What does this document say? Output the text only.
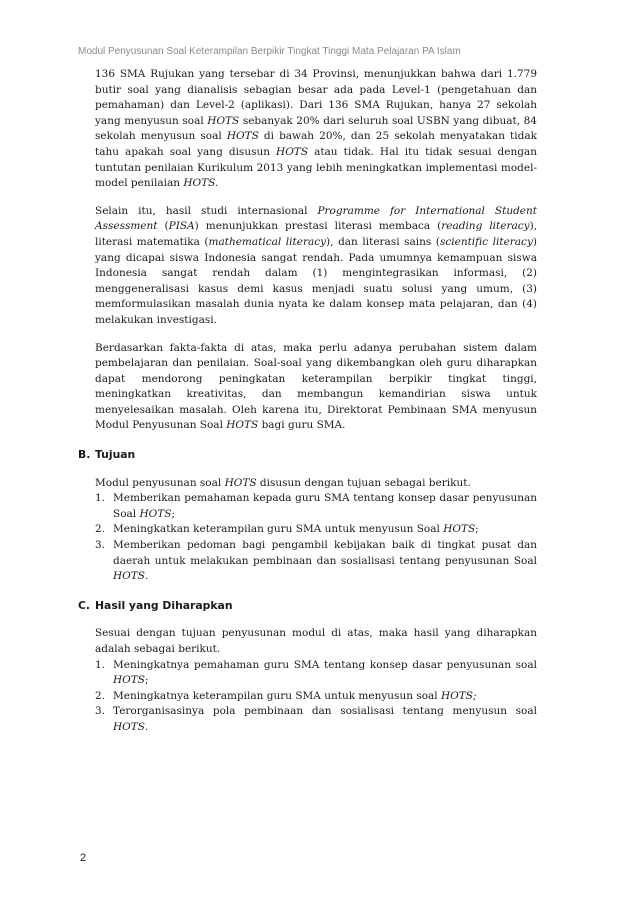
Modul Penyusunan Soal Keterampilan Berpikir Tingkat Tinggi Mata Pelajaran PA Islam

136 SMA Rujukan yang tersebar di 34 Provinsi, menunjukkan bahwa dari 1.779 butir soal yang dianalisis sebagian besar ada pada Level-1 (pengetahuan dan pemahaman) dan Level-2 (aplikasi). Dari 136 SMA Rujukan, hanya 27 sekolah yang menyusun soal HOTS sebanyak 20% dari seluruh soal USBN yang dibuat, 84 sekolah menyusun soal HOTS di bawah 20%, dan 25 sekolah menyatakan tidak tahu apakah soal yang disusun HOTS atau tidak. Hal itu tidak sesuai dengan tuntutan penilaian Kurikulum 2013 yang lebih meningkatkan implementasi model-model penilaian HOTS.

Selain itu, hasil studi internasional Programme for International Student Assessment (PISA) menunjukkan prestasi literasi membaca (reading literacy), literasi matematika (mathematical literacy), dan literasi sains (scientific literacy) yang dicapai siswa Indonesia sangat rendah. Pada umumnya kemampuan siswa Indonesia sangat rendah dalam (1) mengintegrasikan informasi, (2) menggeneralisasi kasus demi kasus menjadi suatu solusi yang umum, (3) memformulasikan masalah dunia nyata ke dalam konsep mata pelajaran, dan (4) melakukan investigasi.

Berdasarkan fakta-fakta di atas, maka perlu adanya perubahan sistem dalam pembelajaran dan penilaian. Soal-soal yang dikembangkan oleh guru diharapkan dapat mendorong peningkatan keterampilan berpikir tingkat tinggi, meningkatkan kreativitas, dan membangun kemandirian siswa untuk menyelesaikan masalah. Oleh karena itu, Direktorat Pembinaan SMA menyusun Modul Penyusunan Soal HOTS bagi guru SMA.

B. Tujuan

Modul penyusunan soal HOTS disusun dengan tujuan sebagai berikut.

1. Memberikan pemahaman kepada guru SMA tentang konsep dasar penyusunan Soal HOTS;
2. Meningkatkan keterampilan guru SMA untuk menyusun Soal HOTS;
3. Memberikan pedoman bagi pengambil kebijakan baik di tingkat pusat dan daerah untuk melakukan pembinaan dan sosialisasi tentang penyusunan Soal HOTS.
C. Hasil yang Diharapkan

Sesuai dengan tujuan penyusunan modul di atas, maka hasil yang diharapkan adalah sebagai berikut.

1. Meningkatnya pemahaman guru SMA tentang konsep dasar penyusunan soal HOTS;
2. Meningkatnya keterampilan guru SMA untuk menyusun soal HOTS;
3. Terorganisasinya pola pembinaan dan sosialisasi tentang menyusun soal HOTS.
2
